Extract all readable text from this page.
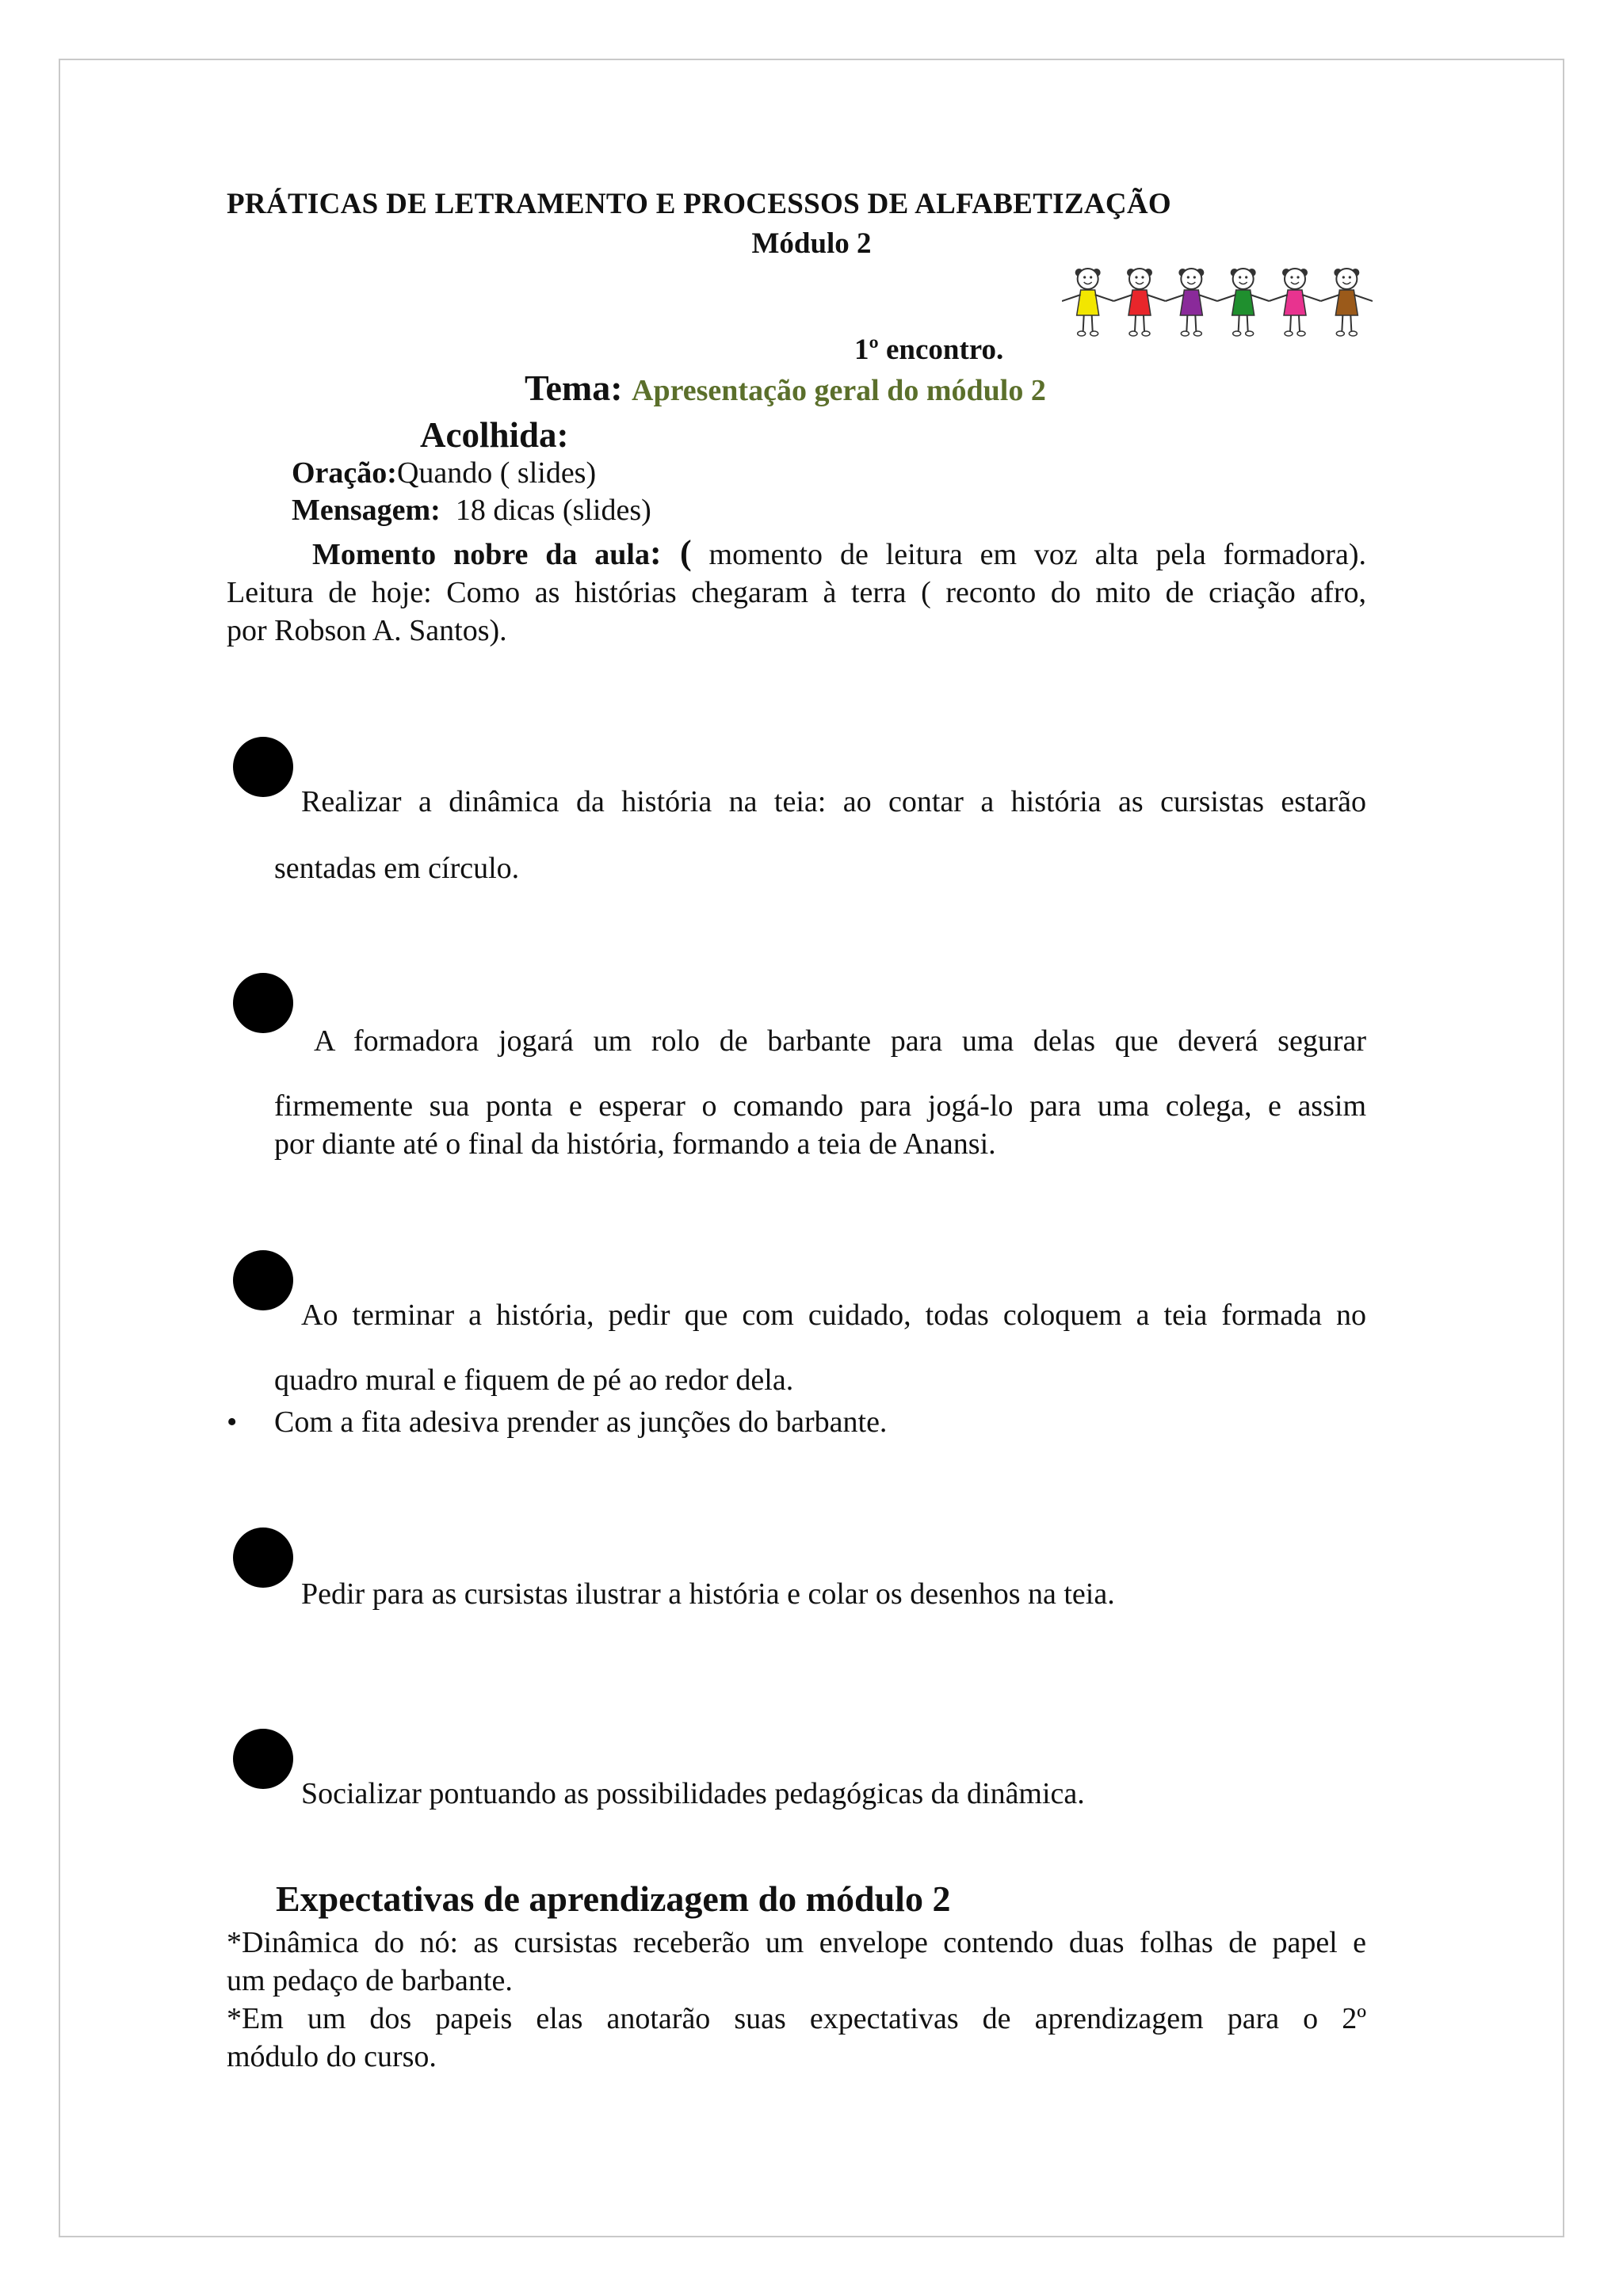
PRÁTICAS DE LETRAMENTO E PROCESSOS DE ALFABETIZAÇÃO
Módulo 2
1º encontro.
Tema: Apresentação geral do módulo 2
Acolhida:
Oração:Quando ( slides)
Mensagem: 18 dicas (slides)
Momento nobre da aula: ( momento de leitura em voz alta pela formadora).
Leitura de hoje: Como as histórias chegaram à terra ( reconto do mito de criação afro,
por Robson A. Santos).
Realizar a dinâmica da história na teia: ao contar a história as cursistas estarão
sentadas em círculo.
A formadora jogará um rolo de barbante para uma delas que deverá segurar
firmemente sua ponta e esperar o comando para jogá-lo para uma colega, e assim
por diante até o final da história, formando a teia de Anansi.
Ao terminar a história, pedir que com cuidado, todas coloquem a teia formada no
quadro mural e fiquem de pé ao redor dela.
• Com a fita adesiva prender as junções do barbante.
Pedir para as cursistas ilustrar a história e colar os desenhos na teia.
Socializar pontuando as possibilidades pedagógicas da dinâmica.
Expectativas de aprendizagem do módulo 2
*Dinâmica do nó: as cursistas receberão um envelope contendo duas folhas de papel e
um pedaço de barbante.
*Em um dos papeis elas anotarão suas expectativas de aprendizagem para o 2º
módulo do curso.
